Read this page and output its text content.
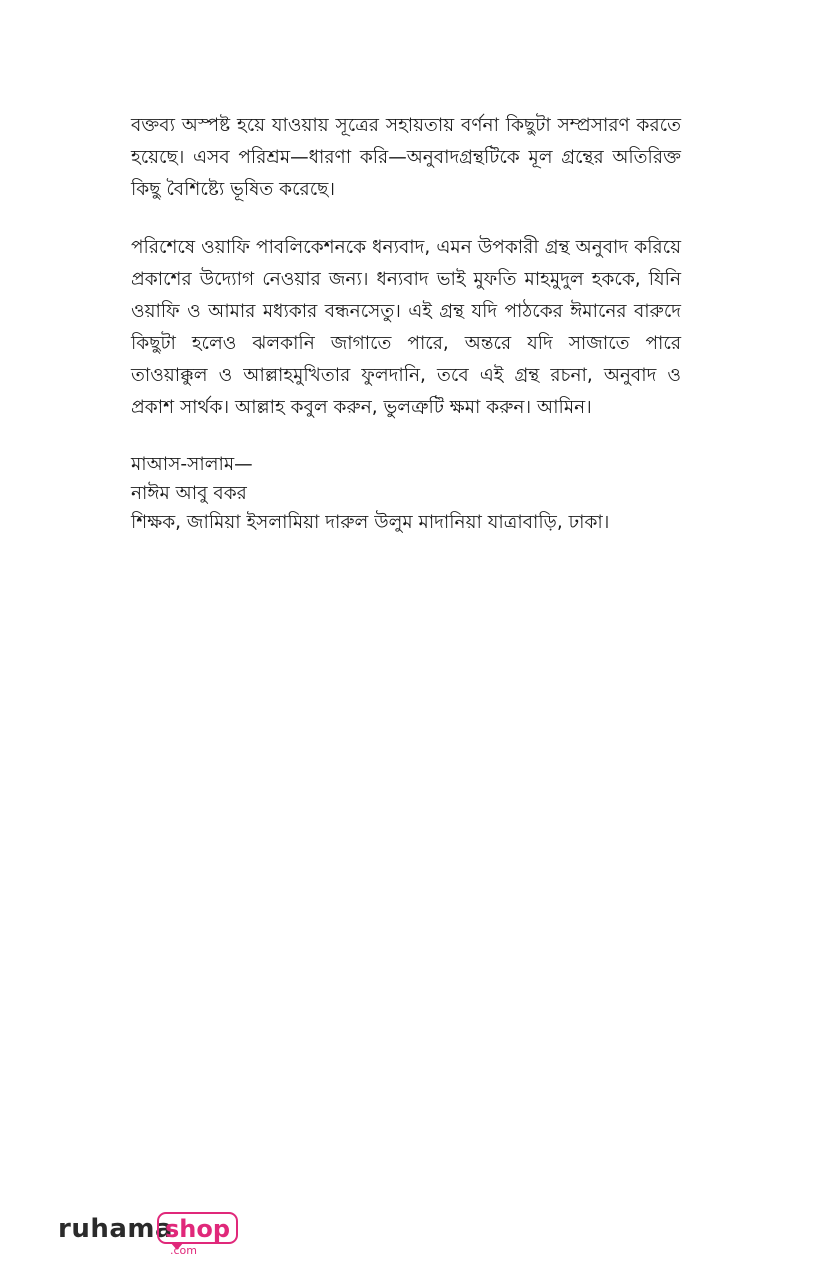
বক্তব্য অস্পষ্ট হয়ে যাওয়ায় সূত্রের সহায়তায় বর্ণনা কিছুটা সম্প্রসারণ করতে হয়েছে। এসব পরিশ্রম—ধারণা করি—অনুবাদগ্রন্থটিকে মূল গ্রন্থের অতিরিক্ত কিছু বৈশিষ্ট্যে ভূষিত করেছে।

পরিশেষে ওয়াফি পাবলিকেশনকে ধন্যবাদ, এমন উপকারী গ্রন্থ অনুবাদ করিয়ে প্রকাশের উদ্যোগ নেওয়ার জন্য। ধন্যবাদ ভাই মুফতি মাহমুদুল হককে, যিনি ওয়াফি ও আমার মধ্যকার বন্ধনসেতু। এই গ্রন্থ যদি পাঠকের ঈমানের বারুদে কিছুটা হলেও ঝলকানি জাগাতে পারে, অন্তরে যদি সাজাতে পারে তাওয়াক্কুল ও আল্লাহমুখিতার ফুলদানি, তবে এই গ্রন্থ রচনা, অনুবাদ ও প্রকাশ সার্থক। আল্লাহ কবুল করুন, ভুলত্রুটি ক্ষমা করুন। আমিন।

মাআস-সালাম—
নাঈম আবু বকর
শিক্ষক, জামিয়া ইসলামিয়া দারুল উলুম মাদানিয়া যাত্রাবাড়ি, ঢাকা।
ruhama
shop
.com
